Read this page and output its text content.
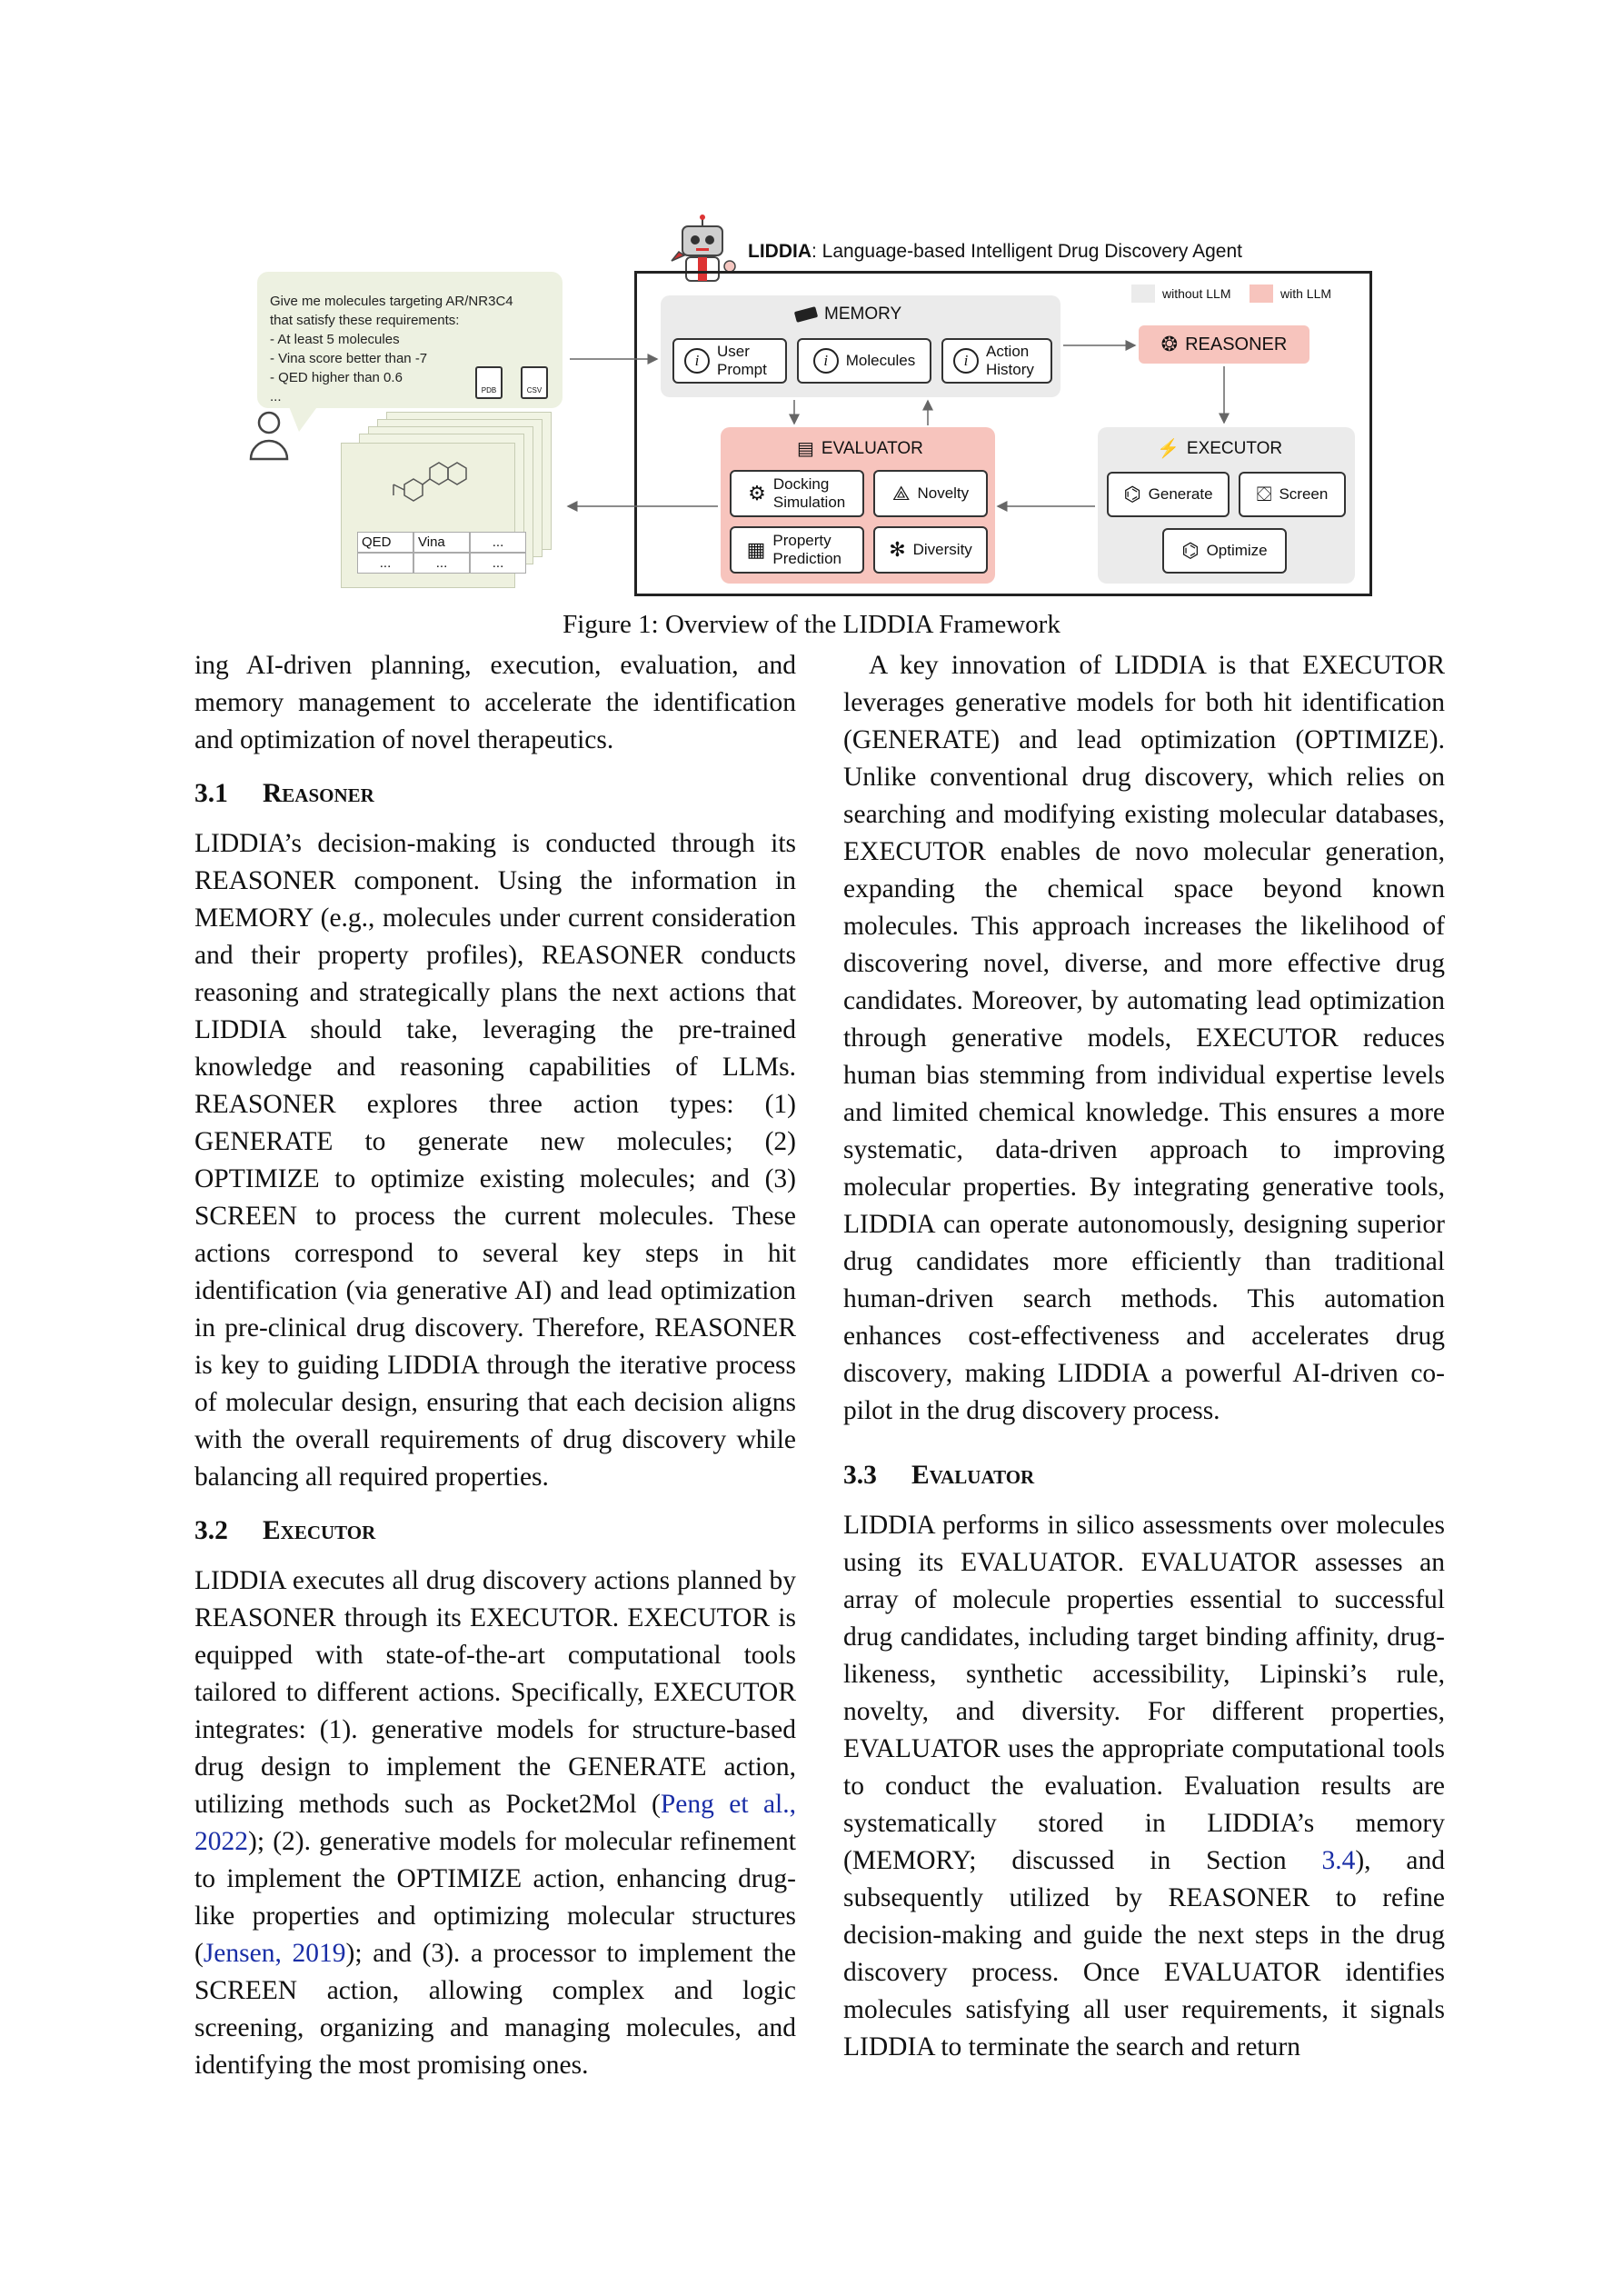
LIDDIA: Language-based Intelligent Drug Discovery Agent
without LLM	with LLM
Give me molecules targeting AR/NR3C4
that satisfy these requirements:
- At least 5 molecules
- Vina score better than -7
- QED higher than 0.6
...	PDB	CSV
QED	Vina	...
...	...	...
MEMORY
i
User Prompt
i	Molecules	i
Action History
❂ REASONER
▤ EVALUATOR
⚙ Docking Simulation ⟁ Novelty
▦ Property Prediction ✻ Diversity
⚡ EXECUTOR
⌬ Generate ⛋ Screen
⌬ Optimize
Figure 1: Overview of the LIDDIA Framework

ing AI-driven planning, execution, evaluation, and memory management to accelerate the identification and optimization of novel therapeutics.

3.1 Reasoner

LIDDIA’s decision-making is conducted through its REASONER component. Using the information in MEMORY (e.g., molecules under current consideration and their property profiles), REASONER conducts reasoning and strategically plans the next actions that LIDDIA should take, leveraging the pre-trained knowledge and reasoning capabilities of LLMs. REASONER explores three action types: (1) GENERATE to generate new molecules; (2) OPTIMIZE to optimize existing molecules; and (3) SCREEN to process the current molecules. These actions correspond to several key steps in hit identification (via generative AI) and lead optimization in pre-clinical drug discovery. Therefore, REASONER is key to guiding LIDDIA through the iterative process of molecular design, ensuring that each decision aligns with the overall requirements of drug discovery while balancing all required properties.

3.2 Executor

LIDDIA executes all drug discovery actions planned by REASONER through its EXECUTOR. EXECUTOR is equipped with state-of-the-art computational tools tailored to different actions. Specifically, EXECUTOR integrates: (1). generative models for structure-based drug design to implement the GENERATE action, utilizing methods such as Pocket2Mol (Peng et al., 2022); (2). generative models for molecular refinement to implement the OPTIMIZE action, enhancing drug-like properties and optimizing molecular structures (Jensen, 2019); and (3). a processor to implement the SCREEN action, allowing complex and logic screening, organizing and managing molecules, and identifying the most promising ones.

A key innovation of LIDDIA is that EXECUTOR leverages generative models for both hit identification (GENERATE) and lead optimization (OPTIMIZE). Unlike conventional drug discovery, which relies on searching and modifying existing molecular databases, EXECUTOR enables de novo molecular generation, expanding the chemical space beyond known molecules. This approach increases the likelihood of discovering novel, diverse, and more effective drug candidates. Moreover, by automating lead optimization through generative models, EXECUTOR reduces human bias stemming from individual expertise levels and limited chemical knowledge. This ensures a more systematic, data-driven approach to improving molecular properties. By integrating generative tools, LIDDIA can operate autonomously, designing superior drug candidates more efficiently than traditional human-driven search methods. This automation enhances cost-effectiveness and accelerates drug discovery, making LIDDIA a powerful AI-driven co-pilot in the drug discovery process.

3.3 Evaluator

LIDDIA performs in silico assessments over molecules using its EVALUATOR. EVALUATOR assesses an array of molecule properties essential to successful drug candidates, including target binding affinity, drug-likeness, synthetic accessibility, Lipinski’s rule, novelty, and diversity. For different properties, EVALUATOR uses the appropriate computational tools to conduct the evaluation. Evaluation results are systematically stored in LIDDIA’s memory (MEMORY; discussed in Section 3.4), and subsequently utilized by REASONER to refine decision-making and guide the next steps in the drug discovery process. Once EVALUATOR identifies molecules satisfying all user requirements, it signals LIDDIA to terminate the search and return
